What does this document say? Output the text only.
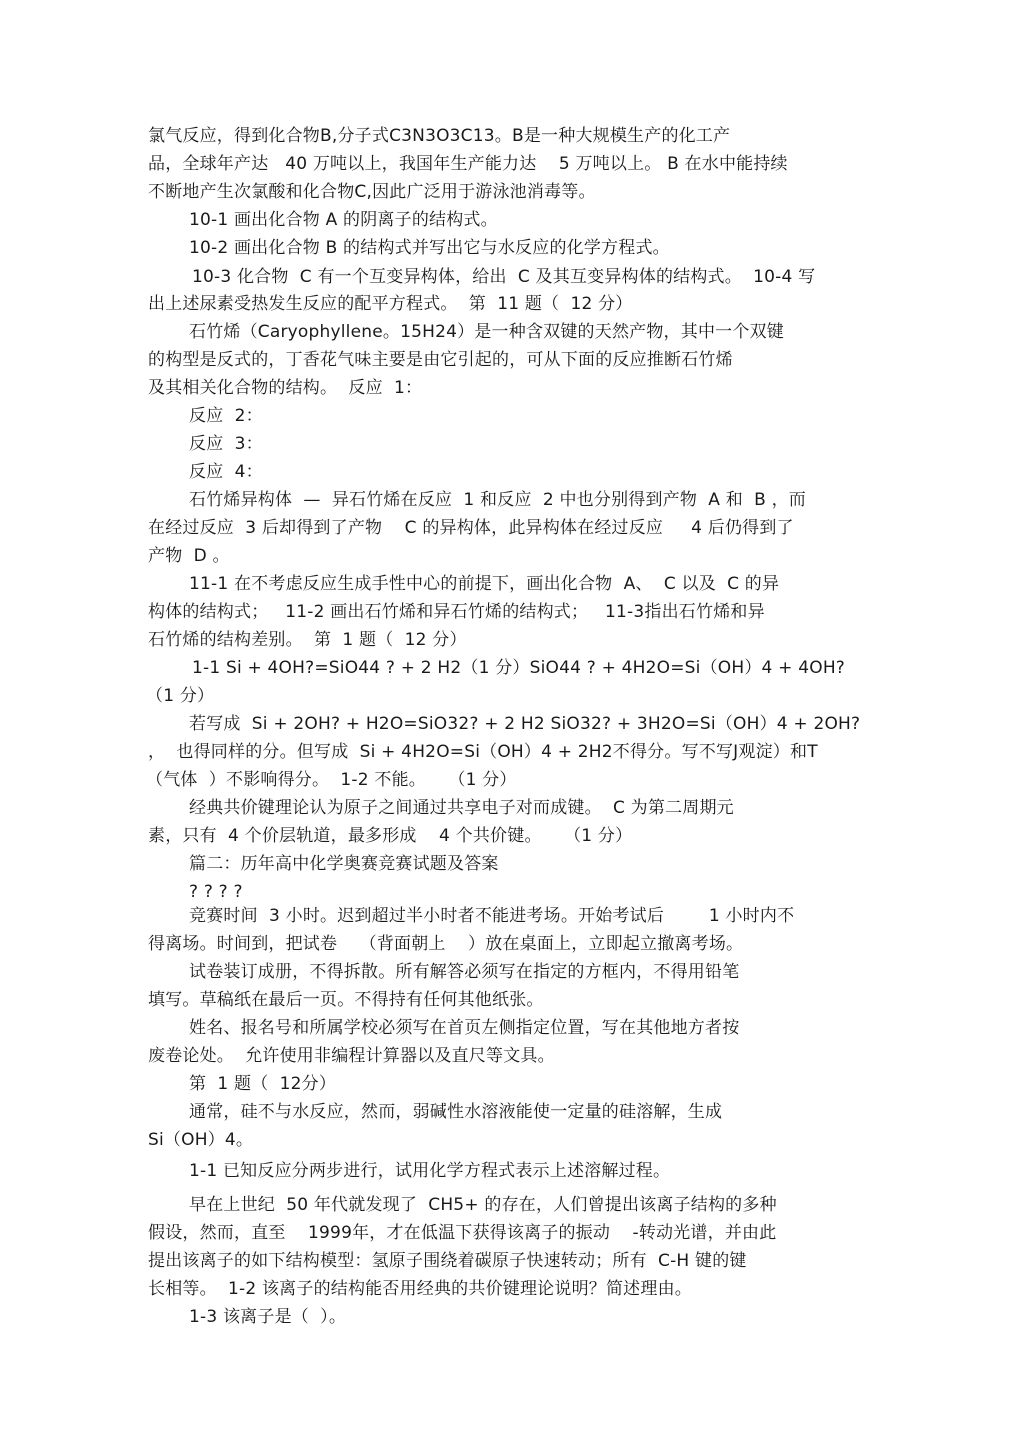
氯气反应，得到化合物B,分子式C3N3O3C13。B是一种大规模生产的化工产
品，全球年产达   40 万吨以上，我国年生产能力达    5 万吨以上。 B 在水中能持续
不断地产生次氯酸和化合物C,因此广泛用于游泳池消毒等。
10-1 画出化合物 A 的阴离子的结构式。
10-2 画出化合物 B 的结构式并写出它与水反应的化学方程式。
10-3 化合物  C 有一个互变异构体，给出  C 及其互变异构体的结构式。  10-4 写
出上述尿素受热发生反应的配平方程式。  第  11 题（  12 分）
石竹烯（Caryophyllene。15H24）是一种含双键的天然产物，其中一个双键
的构型是反式的，丁香花气味主要是由它引起的，可从下面的反应推断石竹烯
及其相关化合物的结构。  反应  1：
反应  2：
反应  3：
反应  4：
石竹烯异构体  —  异石竹烯在反应  1 和反应  2 中也分别得到产物  A 和  B ，而
在经过反应  3 后却得到了产物    C 的异构体，此异构体在经过反应     4 后仍得到了
产物  D 。
11-1 在不考虑反应生成手性中心的前提下，画出化合物  A、  C 以及  C 的异
构体的结构式；   11-2 画出石竹烯和异石竹烯的结构式；   11-3指出石竹烯和异
石竹烯的结构差别。  第  1 题（  12 分）
1-1 Si + 4OH?=SiO44 ? + 2 H2（1 分）SiO44 ? + 4H2O=Si（OH）4 + 4OH?
（1 分）
若写成  Si + 2OH? + H2O=SiO32? + 2 H2 SiO32? + 3H2O=Si（OH）4 + 2OH?
，  也得同样的分。但写成  Si + 4H2O=Si（OH）4 + 2H2不得分。写不写J观淀）和T
（气体  ）不影响得分。  1-2 不能。    （1 分）
经典共价键理论认为原子之间通过共享电子对而成键。  C 为第二周期元
素，只有  4 个价层轨道，最多形成    4 个共价键。    （1 分）
篇二：历年高中化学奥赛竞赛试题及答案
? ? ? ?
竞赛时间  3 小时。迟到超过半小时者不能进考场。开始考试后        1 小时内不
得离场。时间到，把试卷    （背面朝上    ）放在桌面上，立即起立撤离考场。
试卷装订成册，不得拆散。所有解答必须写在指定的方框内，不得用铅笔
填写。草稿纸在最后一页。不得持有任何其他纸张。
姓名、报名号和所属学校必须写在首页左侧指定位置，写在其他地方者按
废卷论处。  允许使用非编程计算器以及直尺等文具。
第  1 题（  12分）
通常，硅不与水反应，然而，弱碱性水溶液能使一定量的硅溶解，生成
Si（OH）4。
1-1 已知反应分两步进行，试用化学方程式表示上述溶解过程。
早在上世纪  50 年代就发现了  CH5+ 的存在，人们曾提出该离子结构的多种
假设，然而，直至    1999年，才在低温下获得该离子的振动    -转动光谱，并由此
提出该离子的如下结构模型：氢原子围绕着碳原子快速转动；所有  C-H 键的键
长相等。  1-2 该离子的结构能否用经典的共价键理论说明？简述理由。
1-3 该离子是（  ）。
